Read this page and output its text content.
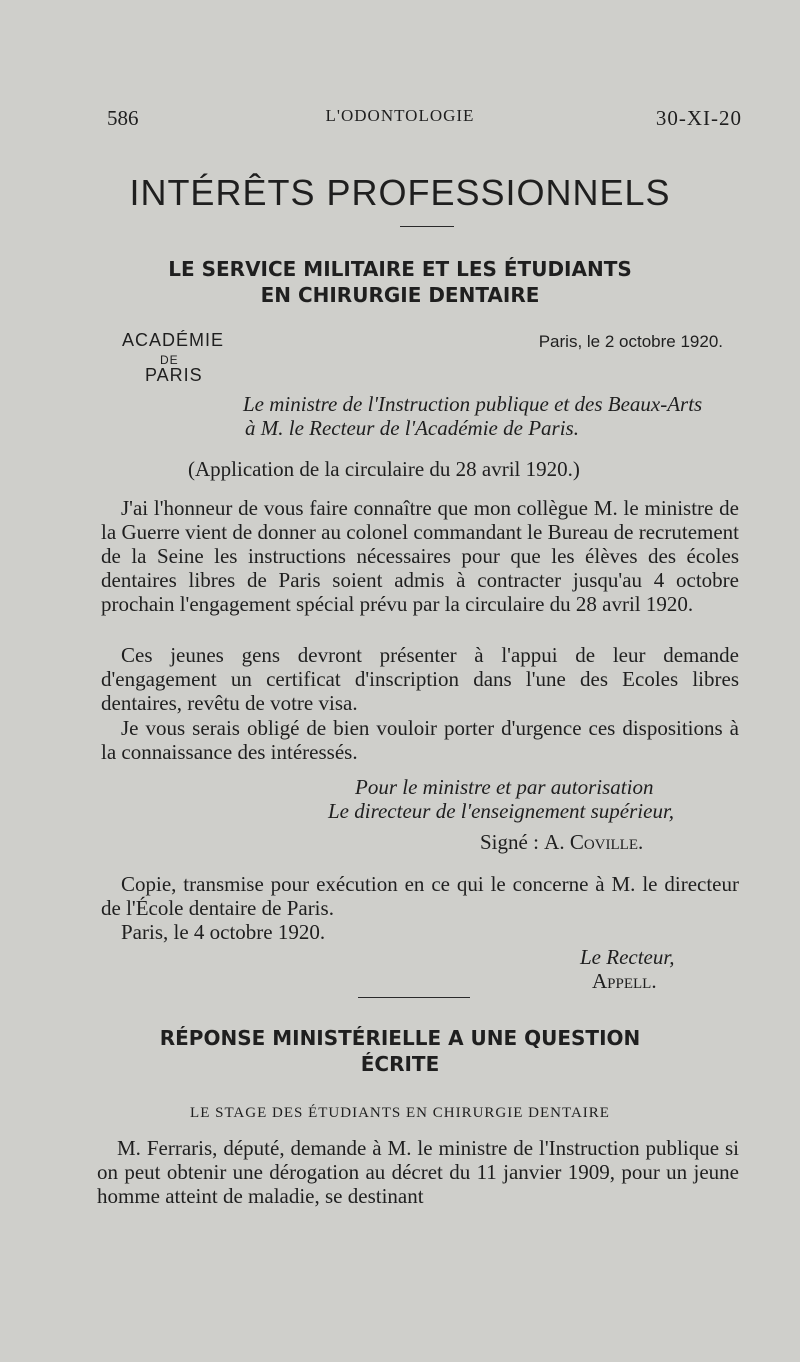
586	L'ODONTOLOGIE	30-XI-20
INTÉRÊTS PROFESSIONNELS
LE SERVICE MILITAIRE ET LES ÉTUDIANTS
EN CHIRURGIE DENTAIRE
ACADÉMIE
DE
PARIS
Paris, le 2 octobre 1920.
Le ministre de l'Instruction publique et des Beaux-Arts
à M. le Recteur de l'Académie de Paris.
(Application de la circulaire du 28 avril 1920.)
J'ai l'honneur de vous faire connaître que mon collègue M. le ministre de la Guerre vient de donner au colonel commandant le Bureau de recrutement de la Seine les instructions nécessaires pour que les élèves des écoles dentaires libres de Paris soient admis à contracter jusqu'au 4 octobre prochain l'engagement spécial prévu par la circulaire du 28 avril 1920.
Ces jeunes gens devront présenter à l'appui de leur demande d'engagement un certificat d'inscription dans l'une des Ecoles libres dentaires, revêtu de votre visa.
Je vous serais obligé de bien vouloir porter d'urgence ces dispositions à la connaissance des intéressés.
Pour le ministre et par autorisation
Le directeur de l'enseignement supérieur,
Signé : A. Coville.
Copie, transmise pour exécution en ce qui le concerne à M. le directeur de l'École dentaire de Paris.
Paris, le 4 octobre 1920.
Le Recteur,
Appell.
RÉPONSE MINISTÉRIELLE A UNE QUESTION
ÉCRITE
LE STAGE DES ÉTUDIANTS EN CHIRURGIE DENTAIRE
M. Ferraris, député, demande à M. le ministre de l'Instruction publique si on peut obtenir une dérogation au décret du 11 janvier 1909, pour un jeune homme atteint de maladie, se destinant
